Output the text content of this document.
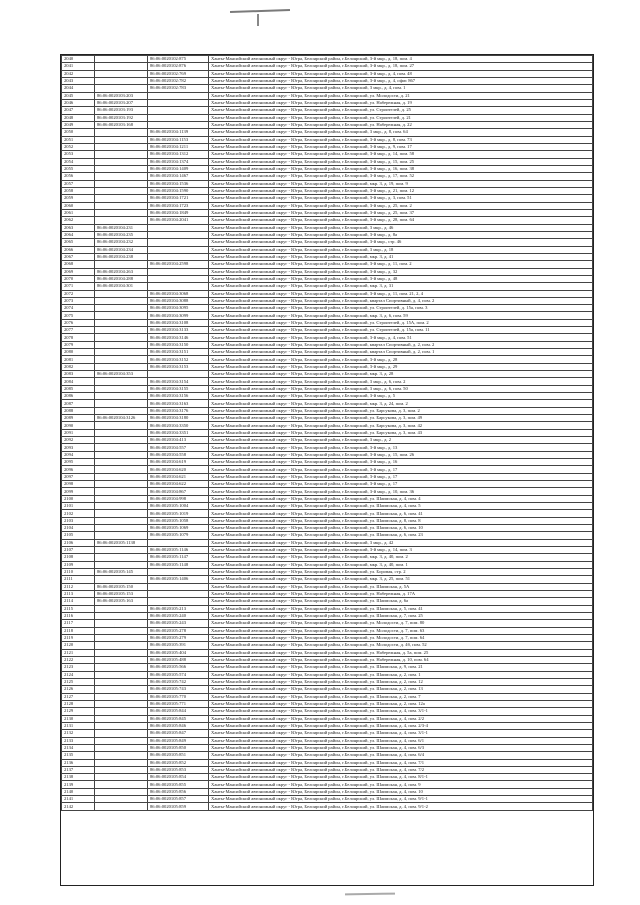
2040		86:06:0020102:875	Ханты-Мансийский автономный округ - Югра, Белоярский район, г.Белоярский, 3-й мкр., д. 18, пом. 4
2041		86:06:0020102:876	Ханты-Мансийский автономный округ - Югра, Белоярский район, г.Белоярский, 3-й мкр., д. 18, пом. 27
2042		86:06:0020102:769	Ханты-Мансийский автономный округ - Югра, Белоярский район, г.Белоярский, 3-й мкр., д. 4, пом. 48
2043		86:06:0020102:782	Ханты-Мансийский автономный округ - Югра, Белоярский район, г.Белоярский, 3-й мкр., д. 4, офис 867
2044		86:06:0020102:783	Ханты-Мансийский автономный округ - Югра, Белоярский район, г.Белоярский, 3 мкр., д. 4, пом. 1
2045	86:06:0020103:203		Ханты-Мансийский автономный округ - Югра, Белоярский район, г.Белоярский, ул. Молодости, д. 21
2046	86:06:0020103:207		Ханты-Мансийский автономный округ - Югра, Белоярский район, г.Белоярский, ул. Набережная, д. 19
2047	86:06:0020103:193		Ханты-Мансийский автономный округ - Югра, Белоярский район, г.Белоярский, ул. Строителей, д. 25
2048	86:06:0020103:192		Ханты-Мансийский автономный округ - Югра, Белоярский район, г.Белоярский, ул. Строителей, д. 21
2049	86:06:0020103:168		Ханты-Мансийский автономный округ - Югра, Белоярский район, г.Белоярский, ул. Набережная, д. 22
2050		86:06:0020104:1139	Ханты-Мансийский автономный округ - Югра, Белоярский район, г.Белоярский, 3 мкр., д. 8, пом. 64
2051		86:06:0020104:1153	Ханты-Мансийский автономный округ - Югра, Белоярский район, г.Белоярский, 3-й мкр., д. 8, пом. 73
2052		86:06:0020104:1211	Ханты-Мансийский автономный округ - Югра, Белоярский район, г.Белоярский, 3-й мкр., д. 9, пом. 17
2053		86:06:0020104:1312	Ханты-Мансийский автономный округ - Югра, Белоярский район, г.Белоярский, 3-й мкр., д. 14, пом. 58
2054		86:06:0020104:1374	Ханты-Мансийский автономный округ - Югра, Белоярский район, г.Белоярский, 3-й мкр., д. 15, пом. 25
2055		86:06:0020104:1409	Ханты-Мансийский автономный округ - Югра, Белоярский район, г.Белоярский, 3-й мкр., д. 16, пом. 38
2056		86:06:0020104:1467	Ханты-Мансийский автономный округ - Югра, Белоярский район, г.Белоярский, 3-й мкр., д. 17, пом. 52
2057		86:06:0020104:1536	Ханты-Мансийский автономный округ - Югра, Белоярский район, г.Белоярский, мкр. 3, д. 19, пом. 9
2058		86:06:0020104:1590	Ханты-Мансийский автономный округ - Югра, Белоярский район, г.Белоярский, 3-й мкр., д. 21, пом. 12
2059		86:06:0020104:1721	Ханты-Мансийский автономный округ - Югра, Белоярский район, г.Белоярский, 3-й мкр., д. 3, пом. 51
2060		86:06:0020104:1723	Ханты-Мансийский автономный округ - Югра, Белоярский район, г.Белоярский, 3-й мкр., д. 25, пом. 2
2061		86:06:0020104:1849	Ханты-Мансийский автономный округ - Югра, Белоярский район, г.Белоярский, 3-й мкр., д. 25, пом. 37
2062		86:06:0020104:2041	Ханты-Мансийский автономный округ - Югра, Белоярский район, г.Белоярский, 3-й мкр., д. 28, пом. 64
2063	86:06:0020104:231		Ханты-Мансийский автономный округ - Югра, Белоярский район, г.Белоярский, 3 мкр., д. 46
2064	86:06:0020104:235		Ханты-Мансийский автономный округ - Югра, Белоярский район, г.Белоярский, 3-й мкр., д. 8а
2065	86:06:0020104:232		Ханты-Мансийский автономный округ - Югра, Белоярский район, г.Белоярский, 3-й мкр., стр. 46
2066	86:06:0020104:234		Ханты-Мансийский автономный округ - Югра, Белоярский район, г.Белоярский, 3 мкр., д. 18
2067	86:06:0020104:238		Ханты-Мансийский автономный округ - Югра, Белоярский район, г.Белоярский, мкр. 3, д. 41
2068		86:06:0020104:2598	Ханты-Мансийский автономный округ - Югра, Белоярский район, г.Белоярский, 3-й мкр., д. 11, пом. 2
2069	86:06:0020104:263		Ханты-Мансийский автономный округ - Югра, Белоярский район, г.Белоярский, 3-й мкр., д. 32
2070	86:06:0020104:288		Ханты-Мансийский автономный округ - Югра, Белоярский район, г.Белоярский, 3-й мкр., д. 48
2071	86:06:0020104:301		Ханты-Мансийский автономный округ - Югра, Белоярский район, г.Белоярский, мкр. 3, д. 31
2072		86:06:0020104:3068	Ханты-Мансийский автономный округ - Югра, Белоярский район, г.Белоярский, 3-й мкр., д. 11, пом. 21, 2, 4
2073		86:06:0020104:3088	Ханты-Мансийский автономный округ - Югра, Белоярский район, г.Белоярский, квартал Спортивный, д. 4, пом. 2
2074		86:06:0020104:3095	Ханты-Мансийский автономный округ - Югра, Белоярский район, г.Белоярский, ул. Строителей, д. 15а, пом. 3
2075		86:06:0020104:3099	Ханты-Мансийский автономный округ - Югра, Белоярский район, г.Белоярский, мкр. 3, д. 6, пом. 59
2076		86:06:0020104:3108	Ханты-Мансийский автономный округ - Югра, Белоярский район, г.Белоярский, ул. Строителей, д. 15А, пом. 2
2077		86:06:0020104:3133	Ханты-Мансийский автономный округ - Югра, Белоярский район, г.Белоярский, ул. Строителей, д. 15а, пом. 11
2078		86:06:0020104:3146	Ханты-Мансийский автономный округ - Югра, Белоярский район, г.Белоярский, 3-й мкр., д. 4, пом. 51
2079		86:06:0020104:3150	Ханты-Мансийский автономный округ - Югра, Белоярский район, г.Белоярский, квартал Спортивный, д. 2, пом. 2
2080		86:06:0020104:3151	Ханты-Мансийский автономный округ - Югра, Белоярский район, г.Белоярский, квартал Спортивный, д. 2, пом. 1
2081		86:06:0020104:3152	Ханты-Мансийский автономный округ - Югра, Белоярский район, г.Белоярский, 3-й мкр., д. 28
2082		86:06:0020104:3153	Ханты-Мансийский автономный округ - Югра, Белоярский район, г.Белоярский, 3-й мкр., д. 29
2083	86:06:0020104:353		Ханты-Мансийский автономный округ - Югра, Белоярский район, г.Белоярский, мкр. 3, д. 28
2084		86:06:0020104:3154	Ханты-Мансийский автономный округ - Югра, Белоярский район, г.Белоярский, 3 мкр., д. 6, пом. 2
2085		86:06:0020104:3155	Ханты-Мансийский автономный округ - Югра, Белоярский район, г.Белоярский, 3 мкр., д. 6, пом. 50
2086		86:06:0020104:3156	Ханты-Мансийский автономный округ - Югра, Белоярский район, г.Белоярский, 3-й мкр., д. 5
2087		86:06:0020104:3163	Ханты-Мансийский автономный округ - Югра, Белоярский район, г.Белоярский, мкр. 3, д. 24, пом. 2
2088		86:06:0020104:3176	Ханты-Мансийский автономный округ - Югра, Белоярский район, г.Белоярский, ул. Барсукова, д. 3, пом. 2
2089	86:06:0020104:3126	86:06:0020104:3180	Ханты-Мансийский автономный округ - Югра, Белоярский район, г.Белоярский, ул. Барсукова, д. 3, пом. 49
2090		86:06:0020104:3350	Ханты-Мансийский автономный округ - Югра, Белоярский район, г.Белоярский, ул. Барсукова, д. 3, пом. 42
2091		86:06:0020104:3351	Ханты-Мансийский автономный округ - Югра, Белоярский район, г.Белоярский, ул. Барсукова, д. 3, пом. 43
2092		86:06:0020104:413	Ханты-Мансийский автономный округ - Югра, Белоярский район, г.Белоярский, 3 мкр., д. 2
2093		86:06:0020104:557	Ханты-Мансийский автономный округ - Югра, Белоярский район, г.Белоярский, 3-й мкр., д. 13
2094		86:06:0020104:558	Ханты-Мансийский автономный округ - Югра, Белоярский район, г.Белоярский, 3-й мкр., д. 15, пом. 26
2095		86:06:0020104:619	Ханты-Мансийский автономный округ - Югра, Белоярский район, г.Белоярский, 3-й мкр., д. 16
2096		86:06:0020104:620	Ханты-Мансийский автономный округ - Югра, Белоярский район, г.Белоярский, 3-й мкр., д. 17
2097		86:06:0020104:621	Ханты-Мансийский автономный округ - Югра, Белоярский район, г.Белоярский, 3-й мкр., д. 17
2098		86:06:0020104:622	Ханты-Мансийский автономный округ - Югра, Белоярский район, г.Белоярский, 3-й мкр., д. 17
2099		86:06:0020104:867	Ханты-Мансийский автономный округ - Югра, Белоярский район, г.Белоярский, 3-й мкр., д. 10, пом. 36
2100		86:06:0020104:998	Ханты-Мансийский автономный округ - Югра, Белоярский район, г.Белоярский, ул. Шаимская, д. 4, пом. 4
2101		86:06:0020105:1004	Ханты-Мансийский автономный округ - Югра, Белоярский район, г.Белоярский, ул. Шаимская, д. 4, пом. 5
2102		86:06:0020105:1019	Ханты-Мансийский автономный округ - Югра, Белоярский район, г.Белоярский, ул. Шаимская, д. 6, пом. 41
2103		86:06:0020105:1058	Ханты-Мансийский автономный округ - Югра, Белоярский район, г.Белоярский, ул. Шаимская, д. 8, пом. 8
2104		86:06:0020105:1069	Ханты-Мансийский автономный округ - Югра, Белоярский район, г.Белоярский, ул. Шаимская, д. 6, пом. 10
2105		86:06:0020105:1079	Ханты-Мансийский автономный округ - Югра, Белоярский район, г.Белоярский, ул. Шаимская, д. 6, пом. 23
2106	86:06:0020105:1138		Ханты-Мансийский автономный округ - Югра, Белоярский район, г.Белоярский, 3 мкр., д. 42
2107		86:06:0020105:1146	Ханты-Мансийский автономный округ - Югра, Белоярский район, г.Белоярский, 3-й мкр., д. 14, пом. 3
2108		86:06:0020105:1147	Ханты-Мансийский автономный округ - Югра, Белоярский район, г.Белоярский, мкр. 3, д. 40, пом. 2
2109		86:06:0020105:1148	Ханты-Мансийский автономный округ - Югра, Белоярский район, г.Белоярский, мкр. 3, д. 40, пом. 1
2110	86:06:0020105:145		Ханты-Мансийский автономный округ - Югра, Белоярский район, г.Белоярский, ул. Боровая, стр. 2
2111		86:06:0020105:1406	Ханты-Мансийский автономный округ - Югра, Белоярский район, г.Белоярский, мкр. 3, д. 25, пом. 51
2112	86:06:0020105:150		Ханты-Мансийский автономный округ - Югра, Белоярский район, г.Белоярский, ул. Шаимская, д. 5А
2113	86:06:0020105:153		Ханты-Мансийский автономный округ - Югра, Белоярский район, г.Белоярский, ул. Набережная, д. 17А
2114	86:06:0020105:163		Ханты-Мансийский автономный округ - Югра, Белоярский район, г.Белоярский, ул. Шаимская, д. 6а
2115		86:06:0020105:213	Ханты-Мансийский автономный округ - Югра, Белоярский район, г.Белоярский, ул. Шаимская, д. 5, пом. 41
2116		86:06:0020105:240	Ханты-Мансийский автономный округ - Югра, Белоярский район, г.Белоярский, ул. Шаимская, д. 7, пом. 25
2117		86:06:0020105:243	Ханты-Мансийский автономный округ - Югра, Белоярский район, г.Белоярский, ул. Молодости, д. 7, пом. 80
2118		86:06:0020105:278	Ханты-Мансийский автономный округ - Югра, Белоярский район, г.Белоярский, ул. Молодости, д. 7, пом. 63
2119		86:06:0020105:279	Ханты-Мансийский автономный округ - Югра, Белоярский район, г.Белоярский, ул. Молодости, д. 7, пом. 64
2120		86:06:0020105:391	Ханты-Мансийский автономный округ - Югра, Белоярский район, г.Белоярский, ул. Молодости, д. 4б, пом. 52
2121		86:06:0020105:404	Ханты-Мансийский автономный округ - Югра, Белоярский район, г.Белоярский, ул. Набережная, д. 5а, пом. 25
2122		86:06:0020105:488	Ханты-Мансийский автономный округ - Югра, Белоярский район, г.Белоярский, ул. Набережная, д. 10, пом. 64
2123		86:06:0020105:566	Ханты-Мансийский автономный округ - Югра, Белоярский район, г.Белоярский, ул. Шаимская, д. 9, пом. 21
2124		86:06:0020105:574	Ханты-Мансийский автономный округ - Югра, Белоярский район, г.Белоярский, ул. Шаимская, д. 2, пом. 1
2125		86:06:0020105:742	Ханты-Мансийский автономный округ - Югра, Белоярский район, г.Белоярский, ул. Шаимская, д. 2, пом. 12
2126		86:06:0020105:743	Ханты-Мансийский автономный округ - Югра, Белоярский район, г.Белоярский, ул. Шаимская, д. 2, пом. 13
2127		86:06:0020105:770	Ханты-Мансийский автономный округ - Югра, Белоярский район, г.Белоярский, ул. Шаимская, д. 2, пом. 7
2128		86:06:0020105:771	Ханты-Мансийский автономный округ - Югра, Белоярский район, г.Белоярский, ул. Шаимская, д. 2, пом. 12а
2129		86:06:0020105:844	Ханты-Мансийский автономный округ - Югра, Белоярский район, г.Белоярский, ул. Шаимская, д. 4, пом. 3/1-1
2130		86:06:0020105:845	Ханты-Мансийский автономный округ - Югра, Белоярский район, г.Белоярский, ул. Шаимская, д. 4, пом. 2/2
2131		86:06:0020105:846	Ханты-Мансийский автономный округ - Югра, Белоярский район, г.Белоярский, ул. Шаимская, д. 4, пом. 2/3-4
2132		86:06:0020105:847	Ханты-Мансийский автономный округ - Югра, Белоярский район, г.Белоярский, ул. Шаимская, д. 4, пом. 3/1-1
2133		86:06:0020105:849	Ханты-Мансийский автономный округ - Югра, Белоярский район, г.Белоярский, ул. Шаимская, д. 4, пом. 6/1
2134		86:06:0020105:850	Ханты-Мансийский автономный округ - Югра, Белоярский район, г.Белоярский, ул. Шаимская, д. 4, пом. 6/3
2135		86:06:0020105:851	Ханты-Мансийский автономный округ - Югра, Белоярский район, г.Белоярский, ул. Шаимская, д. 4, пом. 6/4
2136		86:06:0020105:852	Ханты-Мансийский автономный округ - Югра, Белоярский район, г.Белоярский, ул. Шаимская, д. 4, пом. 7/1
2137		86:06:0020105:853	Ханты-Мансийский автономный округ - Югра, Белоярский район, г.Белоярский, ул. Шаимская, д. 4, пом. 7/2
2138		86:06:0020105:854	Ханты-Мансийский автономный округ - Югра, Белоярский район, г.Белоярский, ул. Шаимская, д. 4, пом. 8/1-1
2139		86:06:0020105:855	Ханты-Мансийский автономный округ - Югра, Белоярский район, г.Белоярский, ул. Шаимская, д. 4, пом. 9
2140		86:06:0020105:856	Ханты-Мансийский автономный округ - Югра, Белоярский район, г.Белоярский, ул. Шаимская, д. 4, пом. 10
2141		86:06:0020105:857	Ханты-Мансийский автономный округ - Югра, Белоярский район, г.Белоярский, ул. Шаимская, д. 4, пом. 9/1-1
2142		86:06:0020105:859	Ханты-Мансийский автономный округ - Югра, Белоярский район, г.Белоярский, ул. Шаимская, д. 4, пом. 9/1-2
